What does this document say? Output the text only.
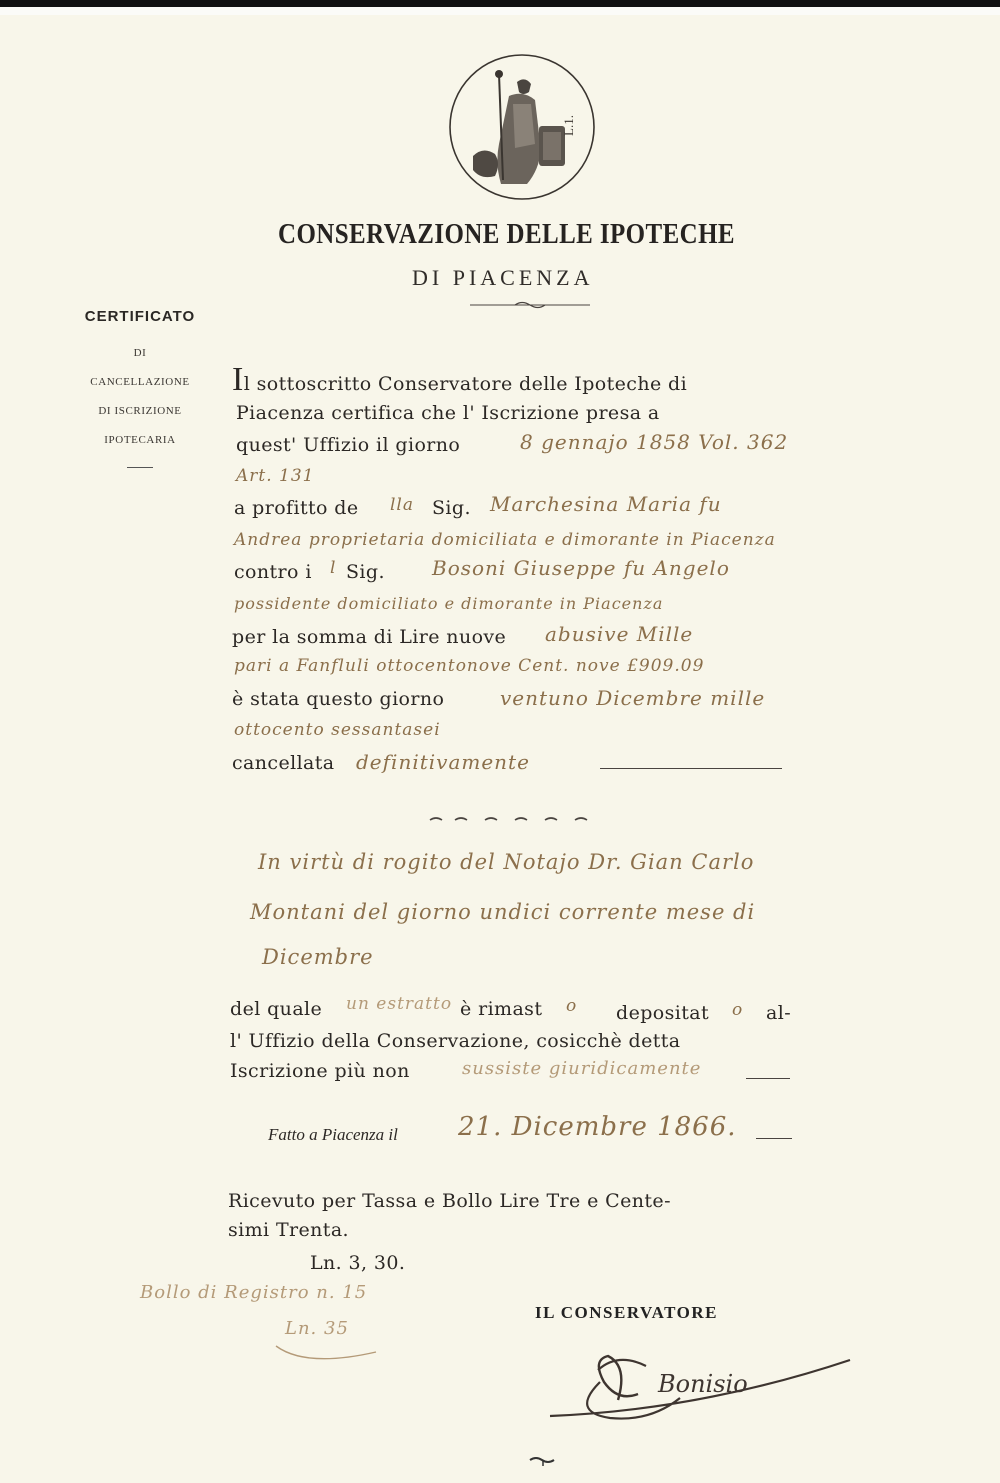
L.1.
CONSERVAZIONE DELLE IPOTECHE
DI PIACENZA
CERTIFICATO
DI
CANCELLAZIONE
DI ISCRIZIONE
IPOTECARIA
Il sottoscritto Conservatore delle Ipoteche di
Piacenza certifica che l' Iscrizione presa a
quest' Uffizio il giorno	8 gennajo 1858 Vol. 362
Art. 131
a profitto de lla Sig. Marchesina Maria fu
Andrea proprietaria domiciliata e dimorante in Piacenza
contro i l Sig. Bosoni Giuseppe fu Angelo
possidente domiciliato e dimorante in Piacenza
per la somma di Lire nuove abusive Mille
pari a Fanfluli ottocentonove Cent. nove £909.09
è stata questo giorno	ventuno Dicembre mille
ottocento sessantasei
cancellata definitivamente
In virtù di rogito del Notajo Dr. Gian Carlo
Montani del giorno undici corrente mese di
Dicembre
del quale un estratto è rimast o depositat o al-
l' Uffizio della Conservazione, cosicchè detta
Iscrizione più non	sussiste giuridicamente
Fatto a Piacenza il 21. Dicembre 1866.
Ricevuto per Tassa e Bollo Lire Tre e Cente-
simi Trenta.
Ln. 3, 30.
Bollo di Registro n. 15
Ln. 35
IL CONSERVATORE
Bonisio
